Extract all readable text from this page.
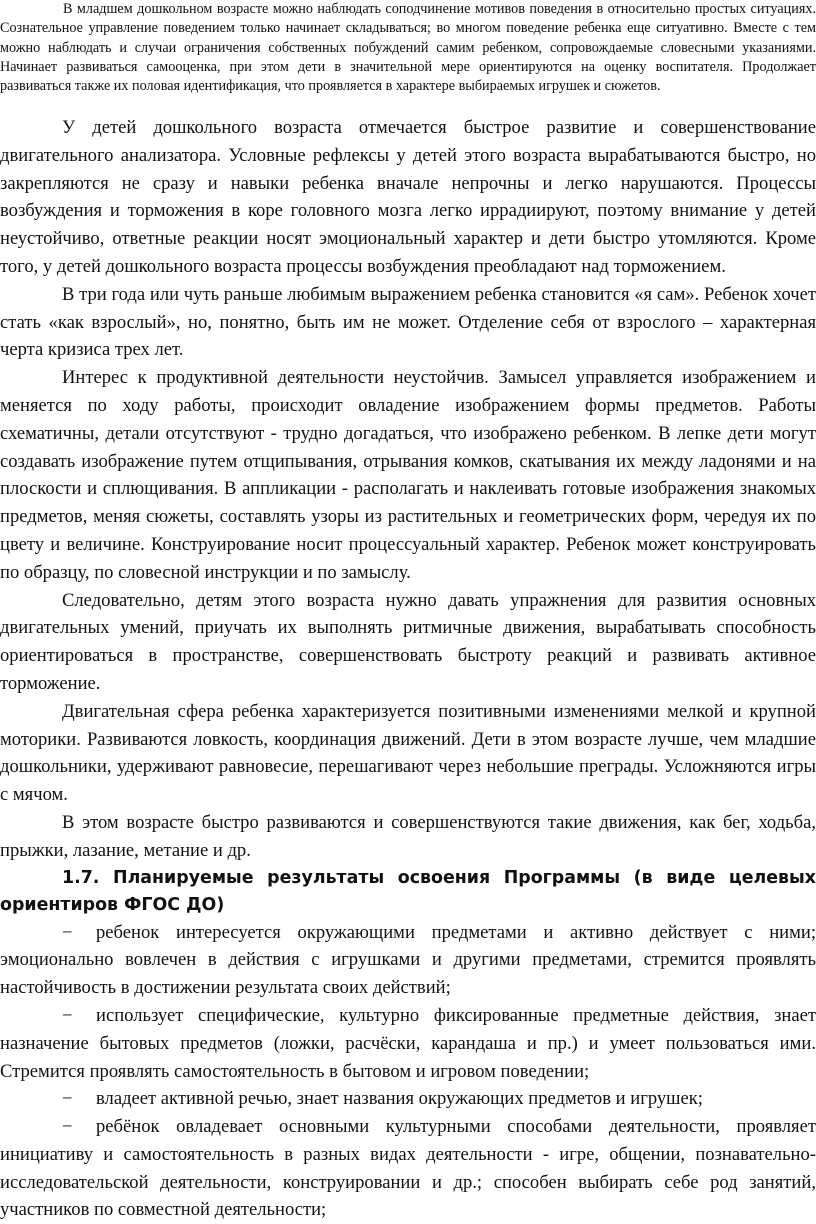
В младшем дошкольном возрасте можно наблюдать соподчинение мотивов поведения в относительно простых ситуациях. Сознательное управление поведением только начинает складываться; во многом поведение ребенка еще ситуативно. Вместе с тем можно наблюдать и случаи ограничения собственных побуждений самим ребенком, сопровождаемые словесными указаниями. Начинает развиваться самооценка, при этом дети в значительной мере ориентируются на оценку воспитателя. Продолжает развиваться также их половая идентификация, что проявляется в характере выбираемых игрушек и сюжетов.

У детей дошкольного возраста отмечается быстрое развитие и совершенствование двигательного анализатора. Условные рефлексы у детей этого возраста вырабатываются быстро, но закрепляются не сразу и навыки ребенка вначале непрочны и легко нарушаются. Процессы возбуждения и торможения в коре головного мозга легко иррадиируют, поэтому внимание у детей неустойчиво, ответные реакции носят эмоциональный характер и дети быстро утомляются. Кроме того, у детей дошкольного возраста процессы возбуждения преобладают над торможением.

В три года или чуть раньше любимым выражением ребенка становится «я сам». Ребенок хочет стать «как взрослый», но, понятно, быть им не может. Отделение себя от взрослого – характерная черта кризиса трех лет.

Интерес к продуктивной деятельности неустойчив. Замысел управляется изображением и меняется по ходу работы, происходит овладение изображением формы предметов. Работы схематичны, детали отсутствуют - трудно догадаться, что изображено ребенком. В лепке дети могут создавать изображение путем отщипывания, отрывания комков, скатывания их между ладонями и на плоскости и сплющивания. В аппликации - располагать и наклеивать готовые изображения знакомых предметов, меняя сюжеты, составлять узоры из растительных и геометрических форм, чередуя их по цвету и величине. Конструирование носит процессуальный характер. Ребенок может конструировать по образцу, по словесной инструкции и по замыслу.

Следовательно, детям этого возраста нужно давать упражнения для развития основных двигательных умений, приучать их выполнять ритмичные движения, вырабатывать способность ориентироваться в пространстве, совершенствовать быстроту реакций и развивать активное торможение.

Двигательная сфера ребенка характеризуется позитивными изменениями мелкой и крупной моторики. Развиваются ловкость, координация движений. Дети в этом возрасте лучше, чем младшие дошкольники, удерживают равновесие, перешагивают через небольшие преграды. Усложняются игры с мячом.

В этом возрасте быстро развиваются и совершенствуются такие движения, как бег, ходьба, прыжки, лазание, метание и др.

1.7. Планируемые результаты освоения Программы (в виде целевых ориентиров ФГОС ДО)

− ребенок интересуется окружающими предметами и активно действует с ними; эмоционально вовлечен в действия с игрушками и другими предметами, стремится проявлять настойчивость в достижении результата своих действий;

− использует специфические, культурно фиксированные предметные действия, знает назначение бытовых предметов (ложки, расчёски, карандаша и пр.) и умеет пользоваться ими. Стремится проявлять самостоятельность в бытовом и игровом поведении;

− владеет активной речью, знает названия окружающих предметов и игрушек;

− ребёнок овладевает основными культурными способами деятельности, проявляет инициативу и самостоятельность в разных видах деятельности - игре, общении, познавательно-исследовательской деятельности, конструировании и др.; способен выбирать себе род занятий, участников по совместной деятельности;
